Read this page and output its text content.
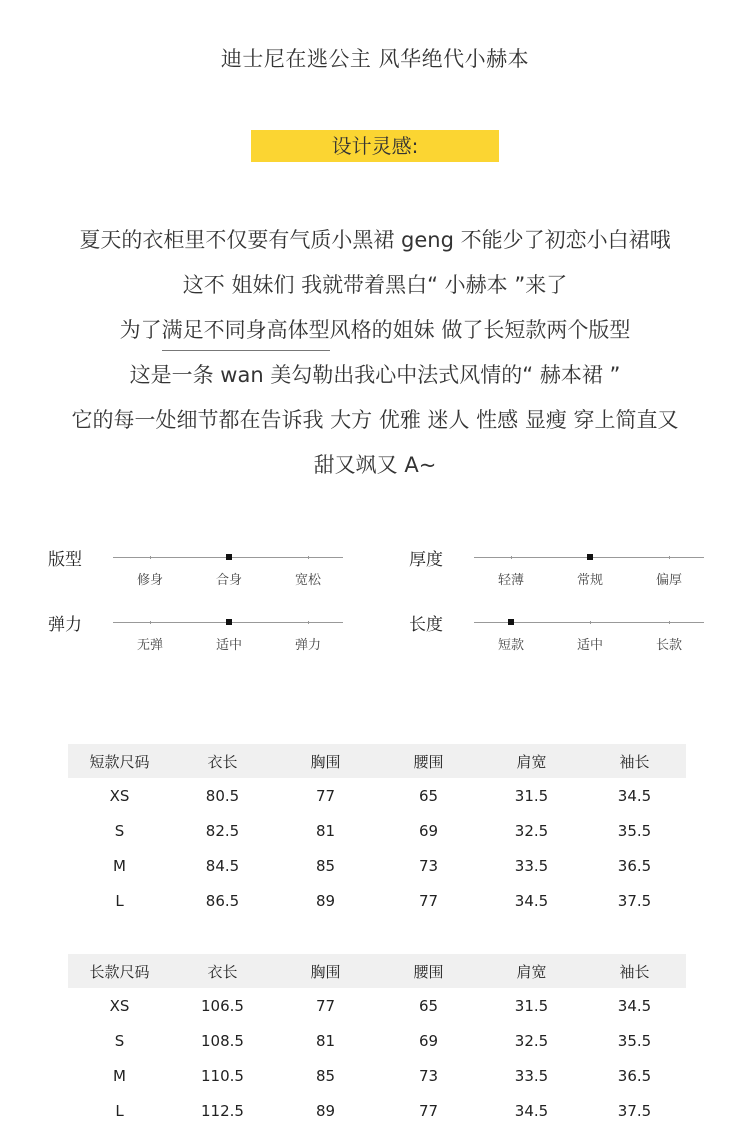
迪士尼在逃公主 风华绝代小赫本
设计灵感:
夏天的衣柜里不仅要有气质小黑裙 geng 不能少了初恋小白裙哦
这不 姐妹们 我就带着黑白“ 小赫本 ”来了
为了满足不同身高体型风格的姐妹 做了长短款两个版型
这是一条 wan 美勾勒出我心中法式风情的“ 赫本裙 ”
它的每一处细节都在告诉我 大方 优雅 迷人 性感 显瘦 穿上简直又
甜又飒又 A~
版型
修身	合身	宽松
厚度
轻薄	常规	偏厚
弹力
无弹	适中	弹力
长度
短款	适中	长款
短款尺码	衣长	胸围	腰围	肩宽	袖长
XS	80.5	77	65	31.5	34.5
S	82.5	81	69	32.5	35.5
M	84.5	85	73	33.5	36.5
L	86.5	89	77	34.5	37.5
长款尺码	衣长	胸围	腰围	肩宽	袖长
XS	106.5	77	65	31.5	34.5
S	108.5	81	69	32.5	35.5
M	110.5	85	73	33.5	36.5
L	112.5	89	77	34.5	37.5
